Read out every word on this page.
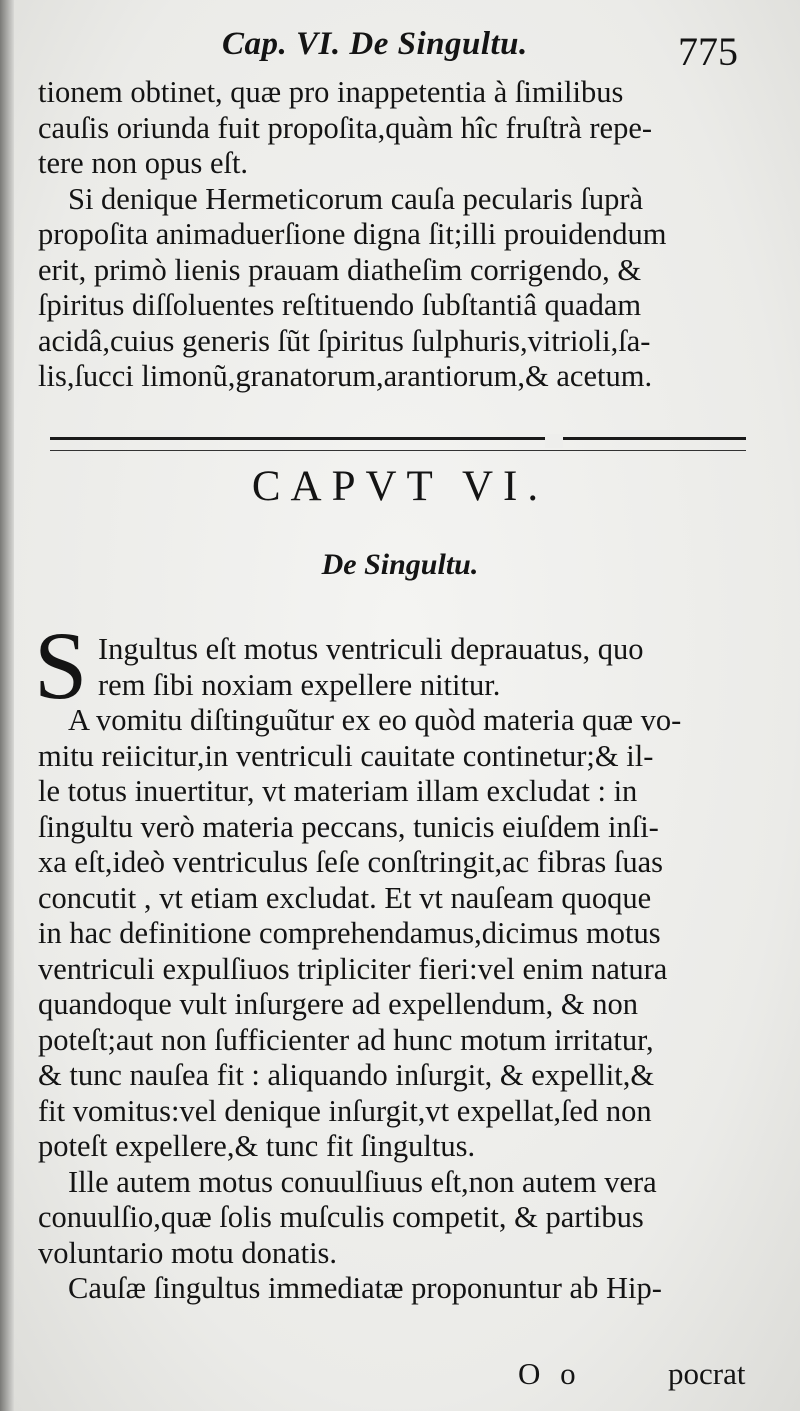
Cap. VI. De Singultu.	775
tionem obtinet, quæ pro inappetentia à ſimilibus
cauſis oriunda fuit propoſita,quàm hîc fruſtrà repe-
tere non opus eſt.
Si denique Hermeticorum cauſa pecularis ſuprà
propoſita animaduerſione digna ſit;illi prouidendum
erit, primò lienis prauam diatheſim corrigendo, &
ſpiritus diſſoluentes reſtituendo ſubſtantiâ quadam
acidâ,cuius generis ſũt ſpiritus ſulphuris,vitrioli,ſa-
lis,ſucci limonũ,granatorum,arantiorum,& acetum.
CAPVT VI.
De Singultu.
S Ingultus eſt motus ventriculi deprauatus, quo
rem ſibi noxiam expellere nititur.
A vomitu diſtinguũtur ex eo quòd materia quæ vo-
mitu reiicitur,in ventriculi cauitate continetur;& il-
le totus inuertitur, vt materiam illam excludat : in
ſingultu verò materia peccans, tunicis eiuſdem inſi-
xa eſt,ideò ventriculus ſeſe conſtringit,ac fibras ſuas
concutit , vt etiam excludat. Et vt nauſeam quoque
in hac definitione comprehendamus,dicimus motus
ventriculi expulſiuos tripliciter fieri:vel enim natura
quandoque vult inſurgere ad expellendum, & non
poteſt;aut non ſufficienter ad hunc motum irritatur,
& tunc nauſea fit : aliquando inſurgit, & expellit,&
fit vomitus:vel denique inſurgit,vt expellat,ſed non
poteſt expellere,& tunc fit ſingultus.
Ille autem motus conuulſiuus eſt,non autem vera
conuulſio,quæ ſolis muſculis competit, & partibus
voluntario motu donatis.
Cauſæ ſingultus immediatæ proponuntur ab Hip-
O o	pocrat
